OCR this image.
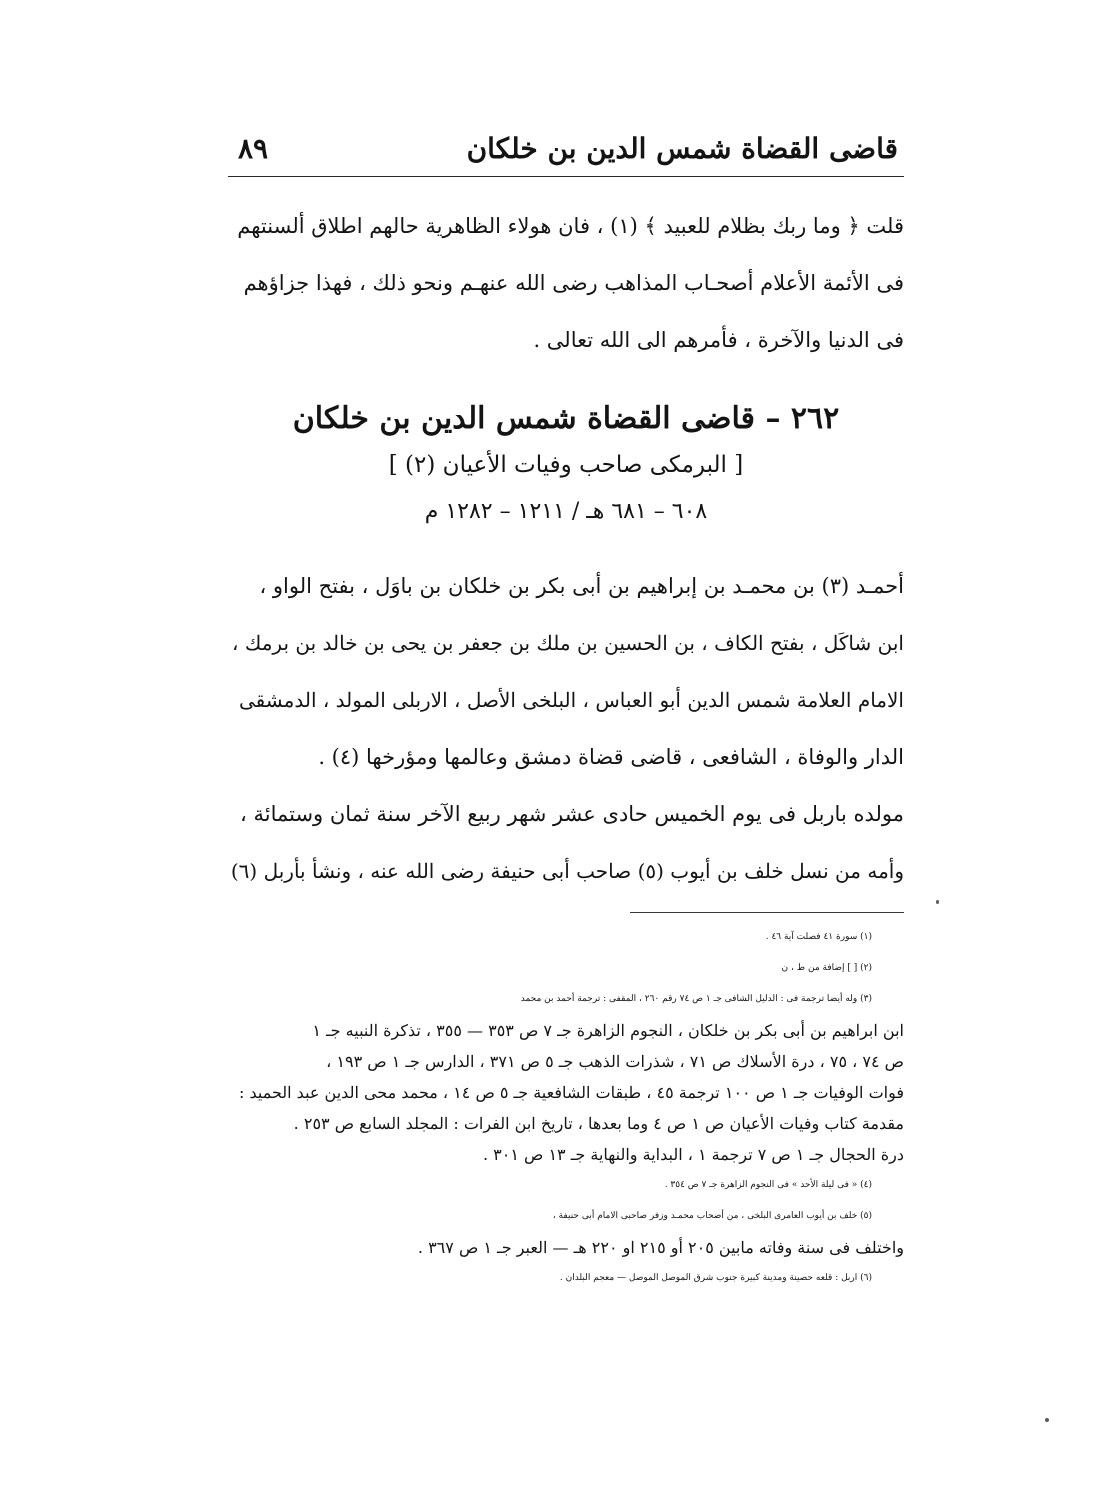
٨٩	قاضى القضاة شمس الدين بن خلكان
قلت ﴿ وما ربك بظلام للعبيد ﴾ (١) ، فان هولاء الظاهرية حالهم اطلاق ألسنتهم
فى الأئمة الأعلام أصحـاب المذاهب رضى الله عنهـم ونحو ذلك ، فهذا جزاؤهم
فى الدنيا والآخرة ، فأمرهم الى الله تعالى .
٢٦٢ – قاضى القضاة شمس الدين بن خلكان
[ البرمكى صاحب وفيات الأعيان (٢) ]
٦٠٨ – ٦٨١ هـ / ١٢١١ – ١٢٨٢ م
أحمـد (٣) بن محمـد بن إبراهيم بن أبى بكر بن خلكان بن باوَل ، بفتح الواو ،
ابن شاكَل ، بفتح الكاف ، بن الحسين بن ملك بن جعفر بن يحى بن خالد بن برمك ،
الامام العلامة شمس الدين أبو العباس ، البلخى الأصل ، الاربلى المولد ، الدمشقى
الدار والوفاة ، الشافعى ، قاضى قضاة دمشق وعالمها ومؤرخها (٤) .
مولده باربل فى يوم الخميس حادى عشر شهر ربيع الآخر سنة ثمان وستمائة ،
وأمه من نسل خلف بن أيوب (٥) صاحب أبى حنيفة رضى الله عنه ، ونشأ بأربل (٦)
(١) سورة ٤١ فصلت آية ٤٦ .
(٢) [ ] إضافة من ط ، ن
(٣) وله أيضا ترجمة فى : الدليل الشافى جـ ١ ص ٧٤ رقم ٢٦٠ ، المقفى : ترجمة أحمد بن محمد
ابن ابراهيم بن أبى بكر بن خلكان ، النجوم الزاهرة جـ ٧ ص ٣٥٣ — ٣٥٥ ، تذكرة النبيه جـ ١
ص ٧٤ ، ٧٥ ، درة الأسلاك ص ٧١ ، شذرات الذهب جـ ٥ ص ٣٧١ ، الدارس جـ ١ ص ١٩٣ ،
فوات الوفيات جـ ١ ص ١٠٠ ترجمة ٤٥ ، طبقات الشافعية جـ ٥ ص ١٤ ، محمد محى الدين عبد الحميد :
مقدمة كتاب وفيات الأعيان ص ١ ص ٤ وما بعدها ، تاريخ ابن الفرات : المجلد السابع ص ٢٥٣ .
درة الحجال جـ ١ ص ٧ ترجمة ١ ، البداية والنهاية جـ ١٣ ص ٣٠١ .
(٤) « فى ليلة الأحد » فى النجوم الزاهرة جـ ٧ ص ٣٥٤ .
(٥) خلف بن أيوب العامرى البلخى ، من أصحاب محمـد وزفر صاحبى الامام أبى حنيفة ،
واختلف فى سنة وفاته مابين ٢٠٥ أو ٢١٥ او ٢٢٠ هـ — العبر جـ ١ ص ٣٦٧ .
(٦) اربل : قلعه حصينة ومدينة كبيرة جنوب شرق الموصل الموصل — معجم البلدان .
